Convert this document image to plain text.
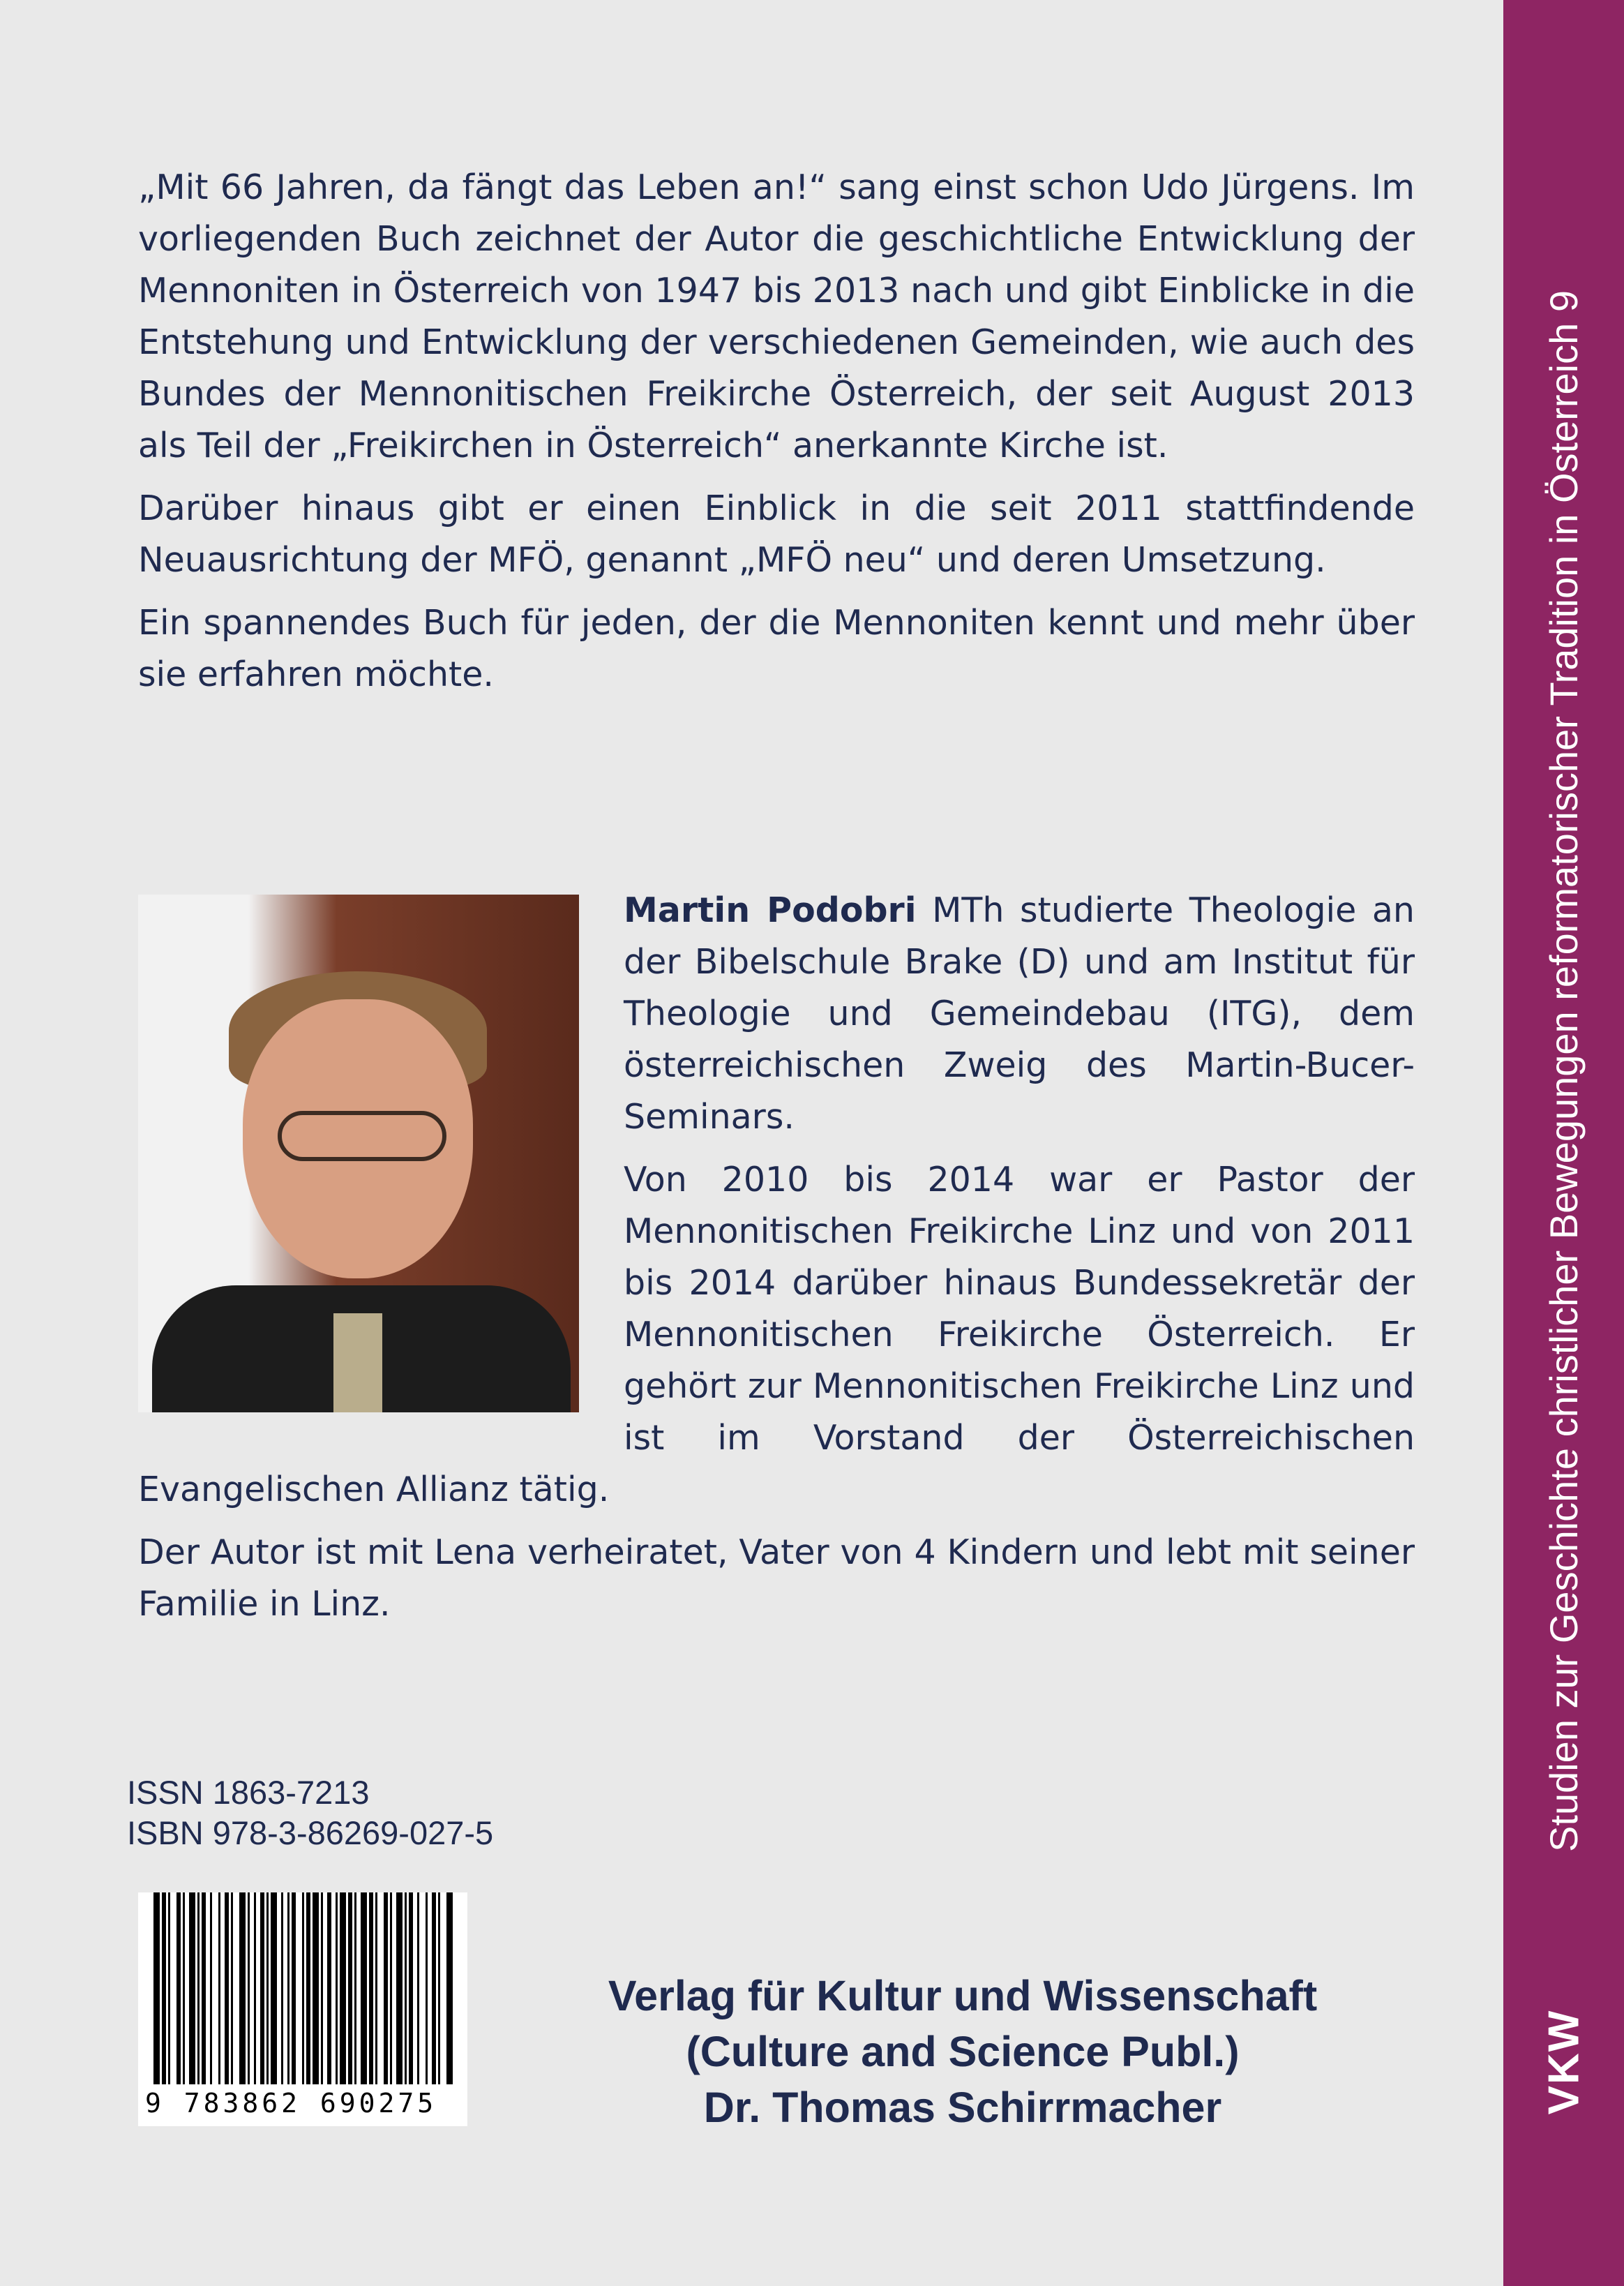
„Mit 66 Jahren, da fängt das Leben an!“ sang einst schon Udo Jürgens. Im vorliegenden Buch zeichnet der Autor die geschichtliche Entwicklung der Mennoniten in Österreich von 1947 bis 2013 nach und gibt Einblicke in die Entstehung und Entwicklung der verschiedenen Gemeinden, wie auch des Bundes der Mennonitischen Freikirche Österreich, der seit August 2013 als Teil der „Freikirchen in Österreich“ anerkannte Kirche ist.

Darüber hinaus gibt er einen Einblick in die seit 2011 stattfindende Neuausrichtung der MFÖ, genannt „MFÖ neu“ und deren Umsetzung.

Ein spannendes Buch für jeden, der die Mennoniten kennt und mehr über sie erfahren möchte.

Martin Podobri MTh studierte Theologie an der Bibelschule Brake (D) und am Institut für Theologie und Gemeindebau (ITG), dem österreichischen Zweig des Martin-Bucer-Seminars.

Von 2010 bis 2014 war er Pastor der Mennonitischen Freikirche Linz und von 2011 bis 2014 darüber hinaus Bundessekretär der Mennonitischen Freikirche Österreich. Er gehört zur Mennonitischen Freikirche Linz und ist im Vorstand der Österreichischen Evangelischen Allianz tätig.

Der Autor ist mit Lena verheiratet, Vater von 4 Kindern und lebt mit seiner Familie in Linz.

ISSN 1863-7213
ISBN 978-3-86269-027-5
9 783862 690275
Verlag für Kultur und Wissenschaft
(Culture and Science Publ.)
Dr. Thomas Schirrmacher	VKW
Studien zur Geschichte christlicher Bewegungen reformatorischer Tradition in Österreich 9
